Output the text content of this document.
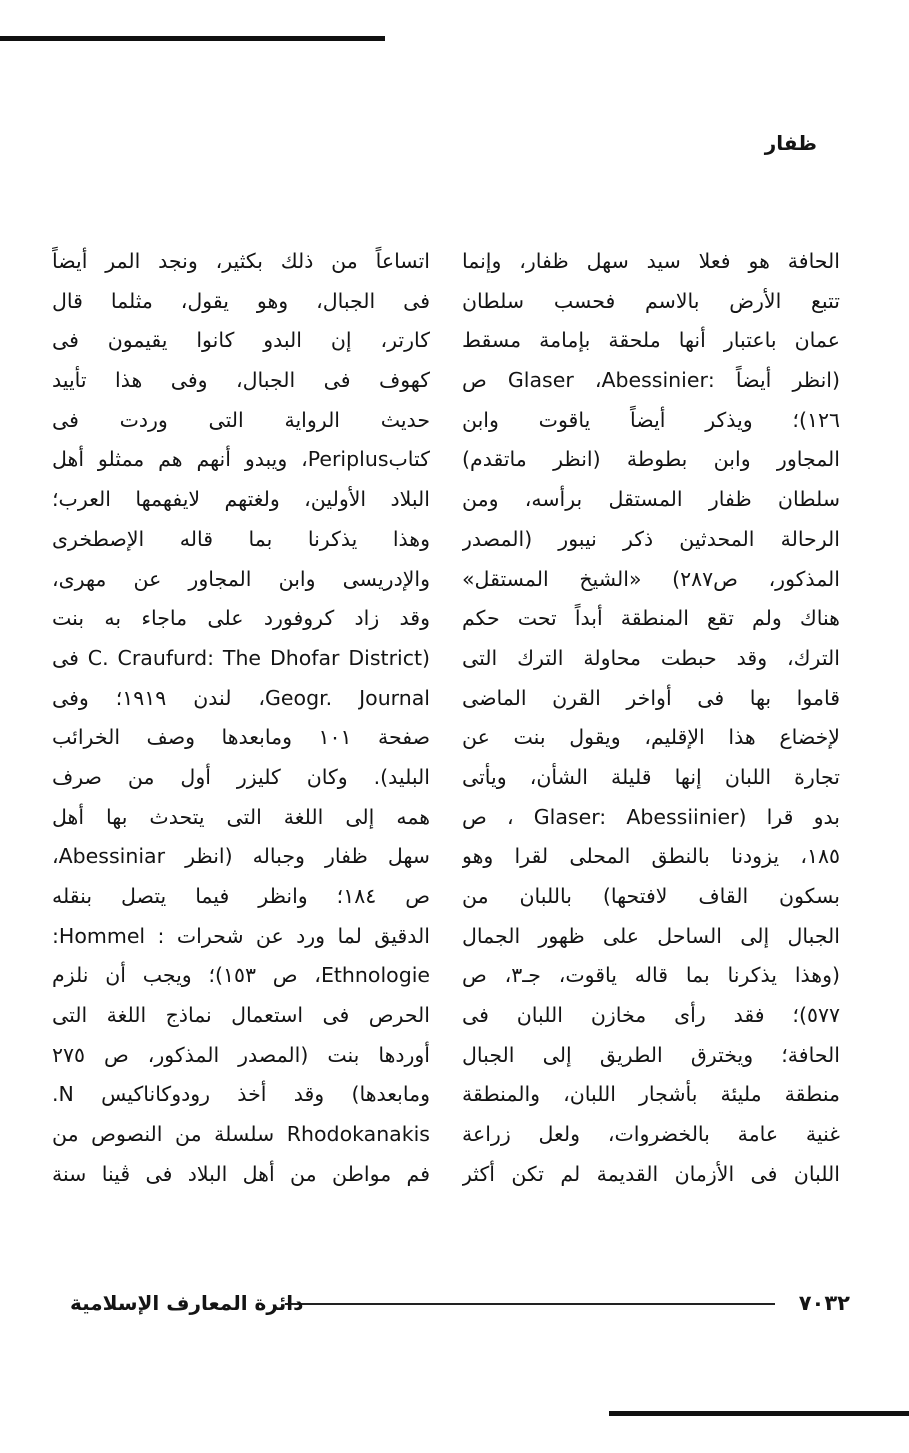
ظفار
الحافة هو فعلا سيد سهل ظفار، وإنما
تتبع الأرض بالاسم فحسب سلطان
عمان باعتبار أنها ملحقة بإمامة مسقط
(انظر أيضاً :Glaser ،Abessinier ص
١٢٦)؛ ويذكر أيضاً ياقوت وابن
المجاور وابن بطوطة (انظر ماتقدم)
سلطان ظفار المستقل برأسه، ومن
الرحالة المحدثين ذكر نيبور (المصدر
المذكور، ص٢٨٧) «الشيخ المستقل»
هناك ولم تقع المنطقة أبداً تحت حكم
الترك، وقد حبطت محاولة الترك التى
قاموا بها فى أواخر القرن الماضى
لإخضاع هذا الإقليم، ويقول بنت عن
تجارة اللبان إنها قليلة الشأن، ويأتى
بدو قرا (Glaser: Abessiinier ، ص
١٨٥، يزودنا بالنطق المحلى لقرا وهو
بسكون القاف لافتحها) باللبان من
الجبال إلى الساحل على ظهور الجمال
(وهذا يذكرنا بما قاله ياقوت، جـ٣، ص
٥٧٧)؛ فقد رأى مخازن اللبان فى
الحافة؛ ويخترق الطريق إلى الجبال
منطقة مليئة بأشجار اللبان، والمنطقة
غنية عامة بالخضروات، ولعل زراعة
اللبان فى الأزمان القديمة لم تكن أكثر
اتساعاً من ذلك بكثير، ونجد المر أيضاً
فى الجبال، وهو يقول، مثلما قال
كارتر، إن البدو كانوا يقيمون فى
كهوف فى الجبال، وفى هذا تأييد
حديث الرواية التى وردت فى
كتابPeriplus، ويبدو أنهم هم ممثلو أهل
البلاد الأولين، ولغتهم لايفهمها العرب؛
وهذا يذكرنا بما قاله الإصطخرى
والإدريسى وابن المجاور عن مهرى،
وقد زاد كروفورد على ماجاء به بنت
(C. Craufurd: The Dhofar District فى
Geogr. Journal، لندن ١٩١٩؛ وفى
صفحة ١٠١ ومابعدها وصف الخرائب
البليد). وكان كليزر أول من صرف
همه إلى اللغة التى يتحدث بها أهل
سهل ظفار وجباله (انظر Abessiniar،
ص ١٨٤؛ وانظر فيما يتصل بنقله
الدقيق لما ورد عن شحرات : Hommel:
Ethnologie، ص ١٥٣)؛ ويجب أن نلزم
الحرص فى استعمال نماذج اللغة التى
أوردها بنت (المصدر المذكور، ص ٢٧٥
ومابعدها) وقد أخذ رودوكاناكيس N.
Rhodokanakis سلسلة من النصوص من
فم مواطن من أهل البلاد فى ڤينا سنة
٧٠٣٢
دائرة المعارف الإسلامية
